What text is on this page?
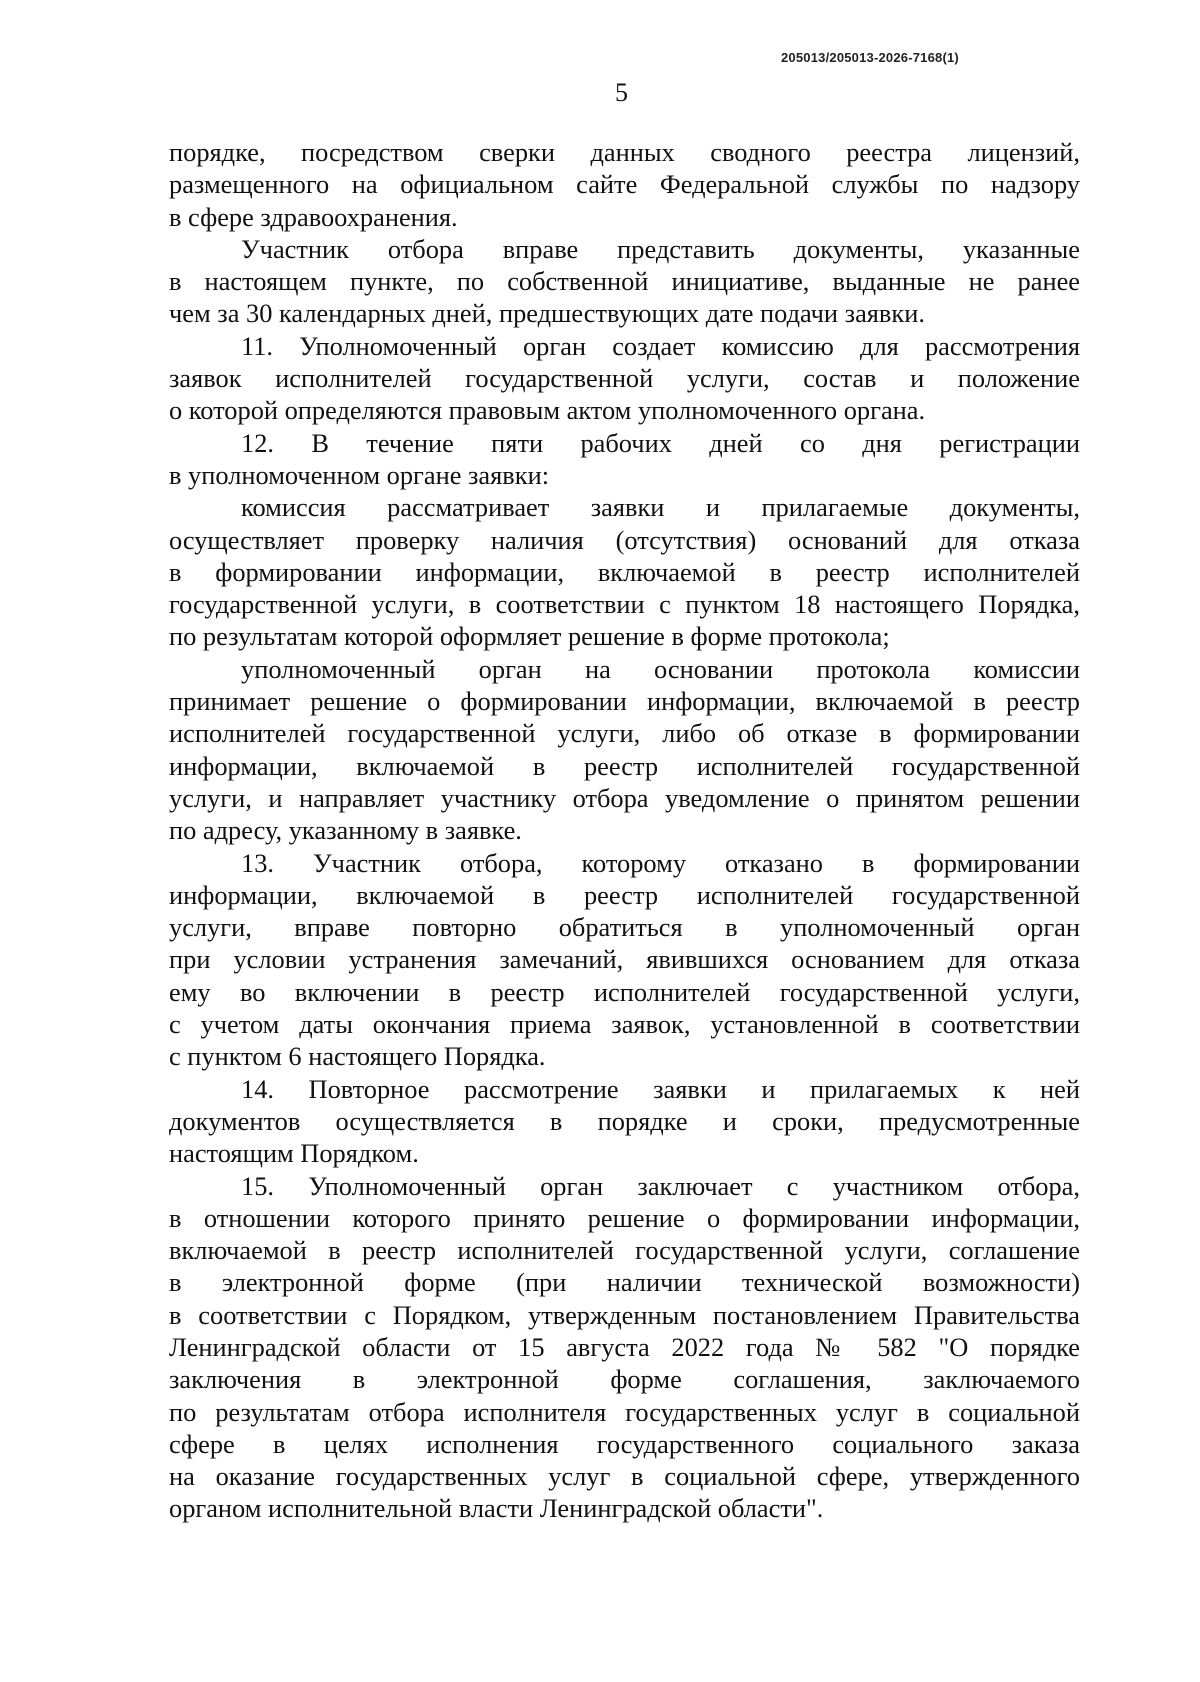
205013/205013-2026-7168(1)
5

порядке, посредством сверки данных сводного реестра лицензий,
размещенного на официальном сайте Федеральной службы по надзору
в сфере здравоохранения.

Участник отбора вправе представить документы, указанные
в настоящем пункте, по собственной инициативе, выданные не ранее
чем за 30 календарных дней, предшествующих дате подачи заявки.

11. Уполномоченный орган создает комиссию для рассмотрения
заявок исполнителей государственной услуги, состав и положение
о которой определяются правовым актом уполномоченного органа.

12. В течение пяти рабочих дней со дня регистрации
в уполномоченном органе заявки:

комиссия рассматривает заявки и прилагаемые документы,
осуществляет проверку наличия (отсутствия) оснований для отказа
в формировании информации, включаемой в реестр исполнителей
государственной услуги, в соответствии с пунктом 18 настоящего Порядка,
по результатам которой оформляет решение в форме протокола;

уполномоченный орган на основании протокола комиссии
принимает решение о формировании информации, включаемой в реестр
исполнителей государственной услуги, либо об отказе в формировании
информации, включаемой в реестр исполнителей государственной
услуги, и направляет участнику отбора уведомление о принятом решении
по адресу, указанному в заявке.

13. Участник отбора, которому отказано в формировании
информации, включаемой в реестр исполнителей государственной
услуги, вправе повторно обратиться в уполномоченный орган
при условии устранения замечаний, явившихся основанием для отказа
ему во включении в реестр исполнителей государственной услуги,
с учетом даты окончания приема заявок, установленной в соответствии
с пунктом 6 настоящего Порядка.

14. Повторное рассмотрение заявки и прилагаемых к ней
документов осуществляется в порядке и сроки, предусмотренные
настоящим Порядком.

15. Уполномоченный орган заключает с участником отбора,
в отношении которого принято решение о формировании информации,
включаемой в реестр исполнителей государственной услуги, соглашение
в электронной форме (при наличии технической возможности)
в соответствии с Порядком, утвержденным постановлением Правительства
Ленинградской области от 15 августа 2022 года № 582 "О порядке
заключения в электронной форме соглашения, заключаемого
по результатам отбора исполнителя государственных услуг в социальной
сфере в целях исполнения государственного социального заказа
на оказание государственных услуг в социальной сфере, утвержденного
органом исполнительной власти Ленинградской области".
